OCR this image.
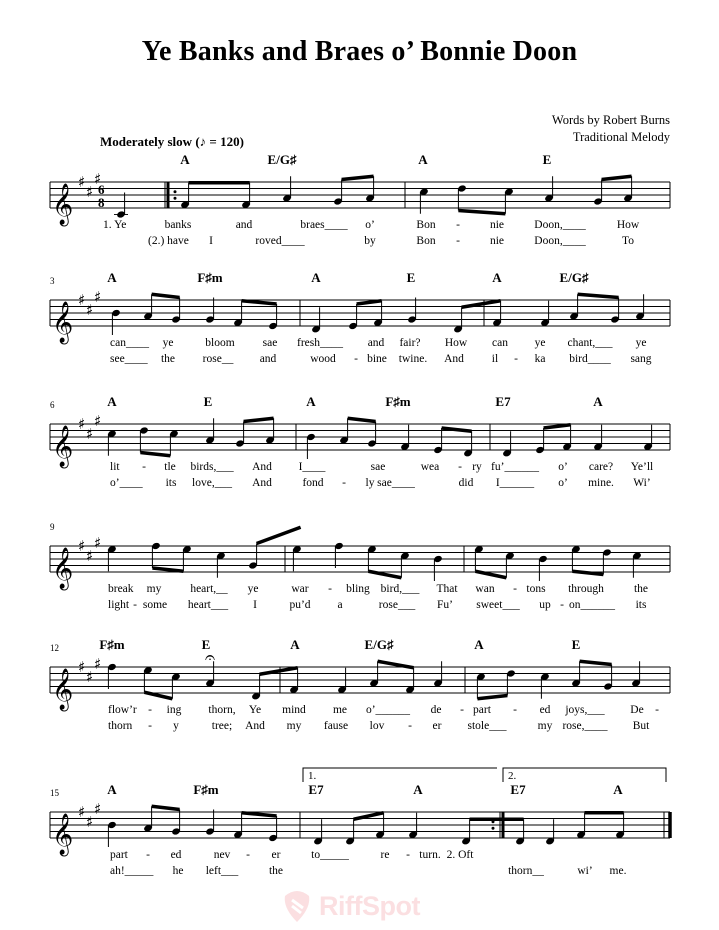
Ye Banks and Braes o’ Bonnie Doon
Words by Robert Burns
Traditional Melody
Moderately slow (♪ = 120)
𝄞
♯
♯
♯
6
8
A	E/G♯	A	E
1. Ye	banks	and	braes____ o’	Bon -	nie	Doon,____	How
(2.) have I	roved____	by	Bon -	nie	Doon,____	To
𝄞
♯
♯
♯
3	A	F♯m	A	E	A	E/G♯
can____ ye	bloom sae fresh____ and fair? How can ye chant,___ ye
see____ the rose__ and	wood - bine twine. And il - ka bird____ sang
𝄞
♯
♯
♯
6	A	E	A	F♯m	E7	A
lit - tle birds,___ And I____	sae	wea - ry fu’______ o’ care? Ye’ll
o’____ its love,___ And	fond - ly sae____	did I______ o’ mine. Wi’
𝄞
♯
♯
♯
9
break my	heart,__ ye	war - bling bird,___ That wan - tons through	the
light - some heart___ I	pu’d a	rose___ Fu’ sweet___ up - on______ its
𝄞
♯
♯
♯
12	F♯m	E	A	E/G♯	A	E
𝄐
flow’r - ing thorn, Ye mind me o’______ de - part - ed joys,___ De -
thorn - y	tree; And my fause lov - er stole___	my rose,____ But
𝄞
♯
♯
♯
15	A	F♯m	E7	A	E7	A
1.	2.
part - ed	nev - er	to_____	re - turn. 2. Oft
ah!_____ he left___	the	thorn__	wi’ me.
RiffSpot
